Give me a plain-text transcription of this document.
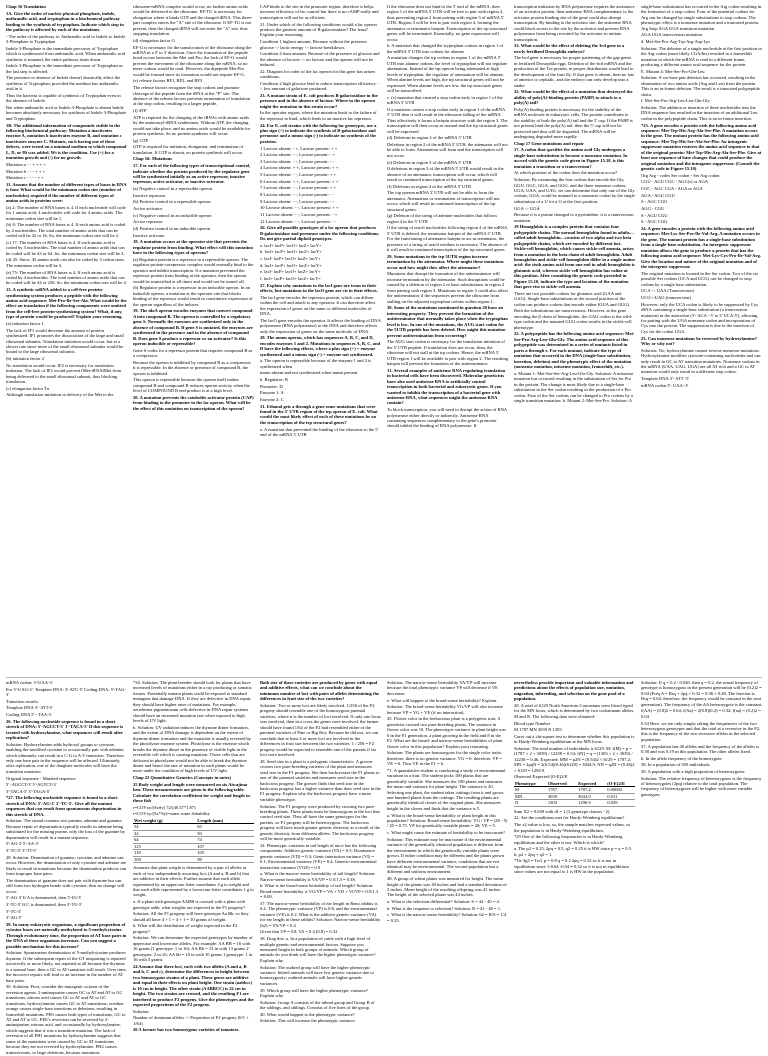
Chap 16 Translation

1A. Give the order of nucleic physical phosphate, indole, anthranilic acid, and tryptophan in a biochemical pathway leading to the synthesis of tryptophan. Indicate which step in the pathway is affected by each of the mutations.

- The order of the pathway is: Anthranilic acid to Indole to Indole 3-Phosphate to Tryptophan

Indole 3-Phosphate is the immediate precursor of Tryptophan which is synthesized from anthranilic acid. When anthranilic acid synthesis is mutated, the entire pathway shuts down.

Indole 3-Phosphate is the immediate precursor of Tryptophan as the last step is affected.

The presence or absence of Indole doesn't drastically affect the synthesis of Tryptophan, provided the medium has anthranilic acid in it.

Thus the bacteria is capable of synthesis of Tryptophan even in the absence of Indole.

But when anthranilic acid or Indole 3-Phosphate is absent Indole becomes absolutely necessary for synthesis of Indole 3-Phosphate and Tryptophan.

1B. The additional information of compounds visible in the following biochemical pathway: Mutation a inactivates enzyme A, mutation b inactivates enzyme B, and mutation c inactivates enzyme C. Mutants, each having one of these defects, were tested on a minimal medium to which compound L, D, or Hi was added. Wt is the condition. Use (+) for a mutation growth and (-) for no growth.

Mutation a - - + + + +

Mutation b - - - + + +

Mutation c - - - - + +

11. Assume that the number of different types of bases in RNA is four. What would be the minimum codon size (number of nucleotides) required if the number of different types of amino acids in proteins were:

(a) 2: The number of RNA bases is 4. If each nucleotide will code for 1 amino acid, 4 nucleotides will code for 4 amino acids. The minimum codon size will be 1.

(b) 8: The number of RNA bases is 4. If each amino acid is coded by 2 nucleotides. The total number of amino acids that can be coded will be 42 or 16. So, the minimum codon size will be 2.

(c) 17: The number of RNA bases is 4. If each amino acid is coded by 3 nucleotides. The total number of amino acids that can be coded will be 43 or 64. So, the minimum codon size will be 3.

(d) 45: Since, 45 amino acids can also be coded by 3 codon sizes. The minimum codon will be 3.

(e) 75: The number of RNA bases is 4. If each amino acid is coded by 4 nucleotides. The total number of amino acids that can be coded will be 44 or 256. So, the minimum codon size will be 4.

13. A synthetic mRNA added to a cell-free protein-synthesizing system produces a peptide with the following amino acid sequence: Met-Pro-Ile-Ser-Ala. What would be the effect on translation if the following components were omitted from the cell-free protein-synthesizing system? What, if any, type of protein would be produced? Explain your reasoning.

(a) initiation factor 1

The lack of IF1 would decrease the amount of protein synthesized. IF1 promotes the dissociation of the large and small ribosomal subunits. Translation initiation would occur, but at a slower rate since more of the small ribosomal subunits would be bound to the large ribosomal subunits.

(b) initiation factor 2

No translation would occur. IF2 is necessary for translation initiation. The lack of IF2 would prevent fMet-tRNAfMet from being delivered to the small ribosomal subunit, thus blocking translation.

(c) elongation factor Tu

Although translation initiation or delivery of the Met to the

ribosome-mRNA complex would occur, no further amino acids would be delivered to the ribosome. EF-TU is necessary for elongation where it binds GTP and the charged tRNA. This three-part complex enters the "A" site of the ribosome. If EF-TU is not present, then the charged tRNA will not enter the "A" site, thus stopping translation.

(d) elongation factor G

EF-G is necessary for the translocation of the ribosome along the mRNA in a 5' to 3' direction. Once the formation of the peptide bond occurs between the Met and Pro, the lack of EF-G would prevent the movement of the ribosome along the mRNA, so no more codons would be read. However, the dipeptide Met-Pro would be formed since its formation would not require EF-G.

(e) release factors RF1, RF2, and RF3

The release factors recognize the stop codons and promote cleavage of the peptide from the tRNA at the "P" site. The absence of the release factors prevents termination of translation at the stop codon, resulting in a larger peptide.

(f) ATP

ATP is required for the charging of the tRNAs with amino acids by the aminoacyl-tRNA synthetases. Without ATP, the charging would not take place, and no amino acids would be available for protein synthesis. So no protein synthesis will occur.

(g) GTP

GTP is required for initiation, elongation, and termination of translation. If GTP is absent, no protein synthesis will occur.

Chap 16: Mutations

17. For each of the following types of transcriptional control, indicate whether the protein produced by the regulator gene will be synthesized initially as an active repressor, inactive repressor, active activator, or inactive activator.

(a) Negative control in a repressible operon

Inactive repressor

(b) Positive control in a repressible operon

Active activator

(c) Negative control in an inducible operon

Active repressor

(d) Positive control in an inducible operon

Inactive activator

18. A mutation occurs at the operator site that prevents the regulator protein from binding. What effect will this mutation have in the following types of operons?

(a) Regulator protein is a repressor in a repressible operon. The regulator protein-corepressor complex would normally bind to the operator and inhibit transcription. If a mutation prevented the repressor protein from binding at the operator, then the operon would be transcribed at all times and would not be turned off.

(b) Regulator protein is a repressor in an inducible operon. In an inducible operon, a mutation at the operator site that blocks binding of the repressor would result in constitutive expression of the operon regardless of the inducer.

19. The idoA operon encodes enzymes that convert compound A into compound B. The operon is controlled by a regulatory gene S. Normally the enzymes are synthesized only in the absence of compound B. If gene S is mutated, the enzymes are synthesized in the presence and in the absence of compound B. Does gene S produce a repressor or an activator? Is this operon inducible or repressible?

Gene S codes for a repressor protein that requires compound B as a corepressor.

Because the operon is inhibited by compound B as a corepressor, it is repressible. In the absence or presence of compound B, the operon is inhibited.

This operon is repressible because the operon itself makes compound B and compound B reduces operon activity when the level of COMPOUND B end product is at a high level.

20. A mutation prevents the catabolite activator protein (CAP) from binding to the promoter in the lac operon. What will be the effect of this mutation on transcription of the operon?

CAP binds to the site in the promoter region, therefore it helps increase efficiency of lac control but there is no cAMP really and transcription will not be as efficient.

21. Under which of the following conditions would a lac operon produce the greatest amount of B-galactosidase? The least? Explain your reasoning.

Condition 1 highest amount. Because without the presence glucose -> lactic energy -> lactose breakdown.

Condition 4 least amount. Because of the presence of glucose and the absence of lactose -> no lactose and the operon will not be induced.

22. Diagram for order of the lac operon for this gene has arisen conditions.

Condition 2 high glucose lead to reduce transcription efficiency -> low amount of galactose produced.

23. A mutant strain of E. coli produces B-galactosidase in the presence and in the absence of lactose. Where in the operon might the mutation in this strain occur?

In the operator region, where the mutation leads to the failure of the repressor to bind, which leads to an inactive lac repressor.

24. For E. coli strains with the following lac genotypes, use a plus sign (+) to indicate the synthesis of B-galactosidase and permease and a minus sign (-) to indicate no synthesis of the proteins.

1 Lactose absent: - +, Lactose present: + +

2 Lactose absent: - -, Lactose present: - +

3 Lactose absent: - -, Lactose present: - -

4 Lactose absent: + +, Lactose present: + +

5 Lactose absent: - -, Lactose present: + +

6 Lactose absent: + +, Lactose present: + +

7 Lactose absent: - -, Lactose present: + +

8 Lactose absent: - -, Lactose present: - -

9 Lactose absent: - -, Lactose present: - -

10 Lactose absent: - -, Lactose present: + +

11 Lactose absent: - -, Lactose present: - +

12 Lactose absent: - -, Lactose present: - -

26. Give all possible genotypes of a lac operon that produces B-galactosidase and permease under the following conditions. Do not give partial diploid genotypes.

a. lacI+ lacP+ lacO+ lacZ+ lacY+

b. lacI+ lacP+ lacO+ lacZ+ lacY+

c. lacI- lacP+ lacO+ lacZ+ lacY+

d. lacI+ lacP+ lacO+ lacZ+ lacY+

e. lacI- lacP+ lacO+ lacZ+ lacY+

f. lacI+ lacP+ lacO+ lacZ+ lacY+

27. Explain why mutations in the lacI gene are trans in their effects, but mutations in the lacO gene are cis in their effects.

The lacI gene encodes the repressor protein, which can diffuse within the cell and attach to any operator. It can therefore affect the expression of genes on the same or different molecules of DNA.

The lacO gene encodes the operator. It affects the binding of DNA polymerase (RNA polymerase) to the DNA and therefore affects only the expression of genes on the same molecule of DNA.

28. The mmm operon, which has sequences A, B, C, and D, encodes enzymes 1 and 2. Mutations in sequences A, B, C, and D have the following effects, where a plus sign (+) = enzyme synthesized and a minus sign (-) = enzyme not synthesized.

a. The operon is repressible because of the enzyme 1 and 2 is synthesized when

mmm absent and not synthesized when mmm present

b. Regulator: B

Promoter: D

Enzyme 1: A

Enzyme 2: C

31. Ethanol gets a through a gene some mutations that were found in the 5' UTR region of the trp operon of E. coli. What would the most likely effect of each of these mutations be on the transcription of the trp structural genes?

a. A mutation that prevented the binding of the ribosome to the 5' end of the mRNA 5' UTR

If the ribosome does not bind to the 5' end of the mRNA, then region 1 of the mRNA 5' UTR will be free to pair with region 2, thus preventing region 2 from pairing with region 3 of mRNA 5' UTR. Region 3 will be free to pair with region 4, forming the attenuator or terminator hairpin. Transcription of the trp structural genes will be terminated. Essentially, no gene expression will occur.

b. A mutation that changed the tryptophan codons in region 1 of the mRNA 5' UTR into codons for alanine

A mutation changes the trp codons in region 1 of the mRNA 5' UTR into alanine codons, the level of tryptophan will not regulate attenuation. Instead of the trp operon being attenuated at high levels of tryptophan, the regulator of attenuation will be alanine. When alanine levels are high, the trp structural genes will not be expressed. When alanine levels are low, the trp structural genes will be transcribed.

c. (c) mutation that created a stop codon early in region 1 of the mRNA 5' UTR

If a mutation creates a stop codon early in region 1 of the mRNA 5' UTR then it will result in the ribosome falling of the mRNA. Thus effectively it forms a hairpin structure with the region 3. The transcription will then occur as normal and the trp structural genes will be expressed.

(d) Deletions in region 2 of the mRNA 5' UTR

Deletions in region 2 of the mRNA 5' UTR: the attenuator will not be able to form. Attenuation will form and the transcription will not occur.

(e) Deletions in region 3 of the mRNA 5' UTR

If deletions in region 3 of the mRNA 5' UTR would result in the absence of an attenuator, transcription will occur, which will result in continued transcription of the trp structural genes.

(f) Deletions in region 4 of the mRNA 5' UTR

The top operon mRNA 5' UTR will not be able to form the attenuator. Attenuation or termination of transcription will not occur, which will result in continued transcription of the trp structural genes.

(g) Deletion of the string of adenine nucleotides that follows region 4 in the 5' UTR

If the string of uracil nucleotides following region 4 of the mRNA 5' UTR is deleted, the terminator hairpin of the mRNA 5' UTR. For the functioning of attenuator hairpin to act as terminator, the presence of a string of uracil residues is necessary. The absence of it will result in continued transcription of the trp structural genes.

29. Some mutations in the trp 5UTR region increase termination by the attenuator. Where might these mutations occur and how might they affect the attenuator?

Mutations that disrupt the formation of the antiterminator will increase termination by the attenuator. Such disruptions could be caused by a deletion of region 2 or base substitutions in region 2 from pairing with region 3. Mutations in region 3 could also affect the antiterminator if the sequences prevent the ribosome from stalling on the adjacent tryptophan codons within region 1.

30. Some of the mutations mentioned in question 28 have an interesting property. They prevent the formation of the antiterminator that normally takes place when the tryptophan level is low. In one of the mutations, the AUG start codon for the 5UTR peptide has been deleted. How might this mutation prevent antitermination from occurring?

The AUG start codon is necessary for the translation initiation of the 5' UTR peptide. If translation does not occur, then, the ribosome will not stall at the trp codons. Hence, the mRNA 5' UTR region 1 will be available to pair with region 2. The resulting hairpin will prevent the formation of the antiterminator.

31. Several examples of antisense RNA regulating translation in bacterial cells have been discovered. Molecular geneticists have also used antisense RNA to artificially control transcription in both bacterial and eukaryotic genes. If you wanted to inhibit the transcription of a bacterial gene with antisense RNA, what sequences might the antisense RNA contain?

To block transcription, you will need to disrupt the action of RNA polymerase either directly or indirectly. Antisense RNA containing sequences complementary to the gene's promoter should inhibit the binding of RNA polymerase. If

transcription initiation by RNA polymerase requires the assistance of an activator protein, then antisense RNA complementary to the activator protein binding site of the gene could also disrupt transcription. By binding to the activator site, the antisense RNA could block access to the site by the activator and prevent RNA polymerase from being recruited by the activator to initiate transcription.

33. What would be the effect of deleting the 3rd gene in a newly fertilized Drosophila embryo?

The bcd gene is necessary for proper patterning of the gap genes in fertilized Drosophila eggs. Deletion of the bcd mRNA and the production of the Tra protein, in proper distribution would lead to the development of the fruit fly. If that gene is absent, then no fate of anterior or cephalic, and the embryo can only develop into a snake.

32. What would be the effect of a mutation that destroyed the ability of poly(A)-binding protein (PABP) to attach to a poly(A) tail?

Poly(A) binding protein is necessary for the stability of the mRNA molecule in eukaryotic cells. The protein contributes to the stability of both the poly(A) tail and the 5' cap. If the PABP is not present bind the poly(A) tail, then the 5' cap will not be protected and thus will be degraded. The mRNA will be undergoing degraded more rapidly.

Chap 17 Gene mutations and repair

17. A codon that specifies the amino acid Gly undergoes a single-base substitution to become a nonsense mutation. In accord with the genetic code given in Figure 15.10, is this mutation a transition or a transversion?

At which position of the codon does the mutation occur?

Solution: By examining the four codons that encode the Gly, GGU, GGC, GGA, and GGG, and the three nonsense codons, UGA, UAA, and UAG, we can determine that only one of the Gly codons, GGA, could be mutated to a nonsense codon by the single substitution of a U for a G at the first position.

GGA -> UGA

Because it is a purine changed to a pyrimidine, it is a transversion mutation.

19 Hemoglobin is a complex protein that contains four polypeptide chains. The normal hemoglobin found in adults—called adult hemoglobin—consists of two alpha and two beta polypeptide chains, which are encoded by different loci. Sickle-cell hemoglobin, which causes sickle-cell anemia, arises from a mutation in the beta chain of adult hemoglobin. Adult hemoglobin and sickle-cell hemoglobin differ in a single amino acid: the sixth amino acid from one end in adult hemoglobin is glutamic acid, whereas sickle-cell hemoglobin has valine at this position. After consulting the genetic code provided in Figure 15.10, indicate the type and location of the mutation that gave rise to sickle-cell anemia.

There are two possible codons for glutamic acid (GAA and GAG). Single-base substitutions at the second position of the codon can produce codons that encode valine (GUA and GUG).

Both the substitutions are transversions. However, at the gene encoding the β chain of hemoglobin, the GAG codon is the wild-type codon and the mutated GUG codon results in the sickle-cell phenotype.

22. A polypeptide has the following amino acid sequence: Met-Ser-Pro-Arg-Leu-Glu-Gly. The amino acid sequence of this polypeptide was determined in a series of mutants listed in parts a through e. For each mutant, indicate the type of mutation that occurred in the DNA (single-base substitution, insertion, deletion) and the phenotypic effect of the mutation (nonsense mutation, missense mutation, frameshift, etc.).

a. Mutant 1: Met-Ser-Ser-Arg-Leu-Glu-Gly. Solution: A missense mutation has occurred resulting in the substitution of Ser for Pro in the protein. The change is most likely due to a single-base substitution in the Ser codon resulting in the production of a Pro codon. Four of the Ser codons can be changed to Pro codons by a single transition mutation. b. Mutant 2: Met-Ser-Pro. Solution: A

single-base substitution has occurred in the Arg codon resulting in the formation of a stop codon. Four of the potential codons for Arg can be changed by single substitutions to stop codons. The phenotypic effect is a nonsense mutation and a truncated protein. Arg Stop AGA UGA transition mutation

AGA UGA transversion mutation

d. Met-Ser-Pro-Arg-Trp-Arg-Asp-Lys

Solution: The deletion of a single nucleotide at the first position in the Arg codon (most likely CGA/Ins) resulted in a frameshift mutation in which the mRNA is read in a different frame, producing a different amino acid sequence for the protein.

E. Mutant 4: Met-Ser-Pro-Gln-Leu

Solution: A six-base pair deletion has occurred, resulting in the elimination of two amino acids (Arg and Leu) from the protein. This is an in-frame deletion. The result is a truncated polypeptide chain.

f. Met-Ser-Pro-Arg-Leu-Leu-Glu-Gly

Solution: The addition or insertion of three nucleotides into the DNA sequence has resulted in the insertion of an additional Leu codon in the polypeptide chain. This is an in-frame insertion.

*23. A gene encodes a protein with the following amino acid sequence: Met-Trp-His-Arg-Ala-Ser-Phe. A mutation occurs in the gene. The mutant protein has the following amino acid sequence: Met-Trp-His-Ser-Ala-Ser-Phe. An intragenic suppressor mutation restores the amino acid sequence to that of the original protein: Met-Trp-His-Arg-Ala-Ser-Phe. Give at least one sequence of base changes that could produce the original mutation and the intragenic suppressor. (Consult the genetic code in Figure 15.10)

Org Arg - codes Ser codon - Ser Arg codon

CGU - AGU CGC - AGC(s) or AGA

CGC - AGC CGA - AGA or AGA

AGA - AGU CGU

S - AGC CGG

AGG - CGU

S - AGU CGU

S - AGC CGG

24. A gene encodes a protein with the following amino acid sequence: Met-Lys-Ser-Pro-Ile-Val-Arg. A mutation occurs in the gene. The mutant protein has a single-base substitution from a single-base substitution. An intergenic suppressor mutation allows the gene to produce a protein that has the following amino acid sequence: Met-Lys-Cys-Pro-Ile-Val-Arg. Give the location and nature of the original mutation and of the intergenic suppressor.

The original mutation is located in the Ser codon. Two of the six possible Ser codons (UCA and UCG) can be changed to stop codons by a single base substitution.

UCA -> UAA (Transversion)

UCG->UAG (transversion)

However, only the UCA codon is likely to be suppressed by Cys tRNA containing a single-base substitution (a transversion mutation) in the anticodon (3'- ACA - 5' to 3' UCA-5'), allowing for pairing with the UGA nonsense codon and incorporation of Cys into the protein. The suppression is due to the insertion of Cys for the codon UGA.

25. Can nonsense mutations be reversed by hydroxylamine? Why or why not?

Solution: No, hydroxylamine cannot reverse nonsense mutations. Hydroxylamine modifies cytosine-containing nucleotides and can only result in GC to AT transition mutations. Nonsense codons in the mRNA (UAA, UAG, UGA) are all AT rich and a GC to AT mutation would only result in a different stop codon.

Template DNA 3'- ATT -5'

mRNA codon 5'- UAA -3'

mRNA codon: 5'-UAA-3'

For 5'-UAG-3': Template DNA: 3'-ATC-5' Coding DNA: 5'-TAG-3'

Transition results:

Template DNA 3'- ATT-5'

Coding DNA 5' - TAA-3'

26. The following nucleotide sequence is found in a short stretch of DNA: 5'-AGCCT-3' 3'-TACA-5' If this sequence is treated with hydroxylamine, what sequences will result after replication?

Solution: Hydroxylamine adds hydroxyl groups to cytosine, enabling the modified cytosine to occasionally pair with adenine, which ultimately can result in a C-G to A-T transition. Therefore, only one base pair in the sequence will be affected. Ultimately, after replication, one of the daughter molecules will have the transition mutation.

Original sequence - Mutated sequence

5' -AGCCT-3' 5'-AGTCT-3'

3'-TACA-5' 3'-TAGA-5'

*27. The following nucleotide sequence is found in a short stretch of DNA: 5'-AG-3' 3'-TC-5'. Give all the mutant sequences that can result from spontaneous depurination in this stretch of DNA.

Solution: The strand contains two purines, adenine and guanine. Because repair of depurination typically results in adenine being substituted for the missing purine, only the loss of the guanine by depurination will result in a mutant sequence.

5'-AG-3' 5'-AA-3'

3'-TC-5' 3'-TT-5'

28. Solution: Deamination of guanine, cytosine, and adenine can occur. However, the deamination of only cytosine and adenine are likely to result in mutations because the deamination products can form improper base pairs.

The deamination of guanine does not pair with thymine but can still form two hydrogen bonds with cytosine, thus no change will occur.

5'-AG-3' If A is deaminated, then 5'-IG-3'

3'-TC-5' If C is deaminated, then 3'-TU-5'

5'-TC-3'

3'-AG-5'

29. In many eukaryotic organisms, a significant proportion of cytosine bases are naturally methylated to 5-methylcytosine. Through evolutionary time, the proportion of AT base pairs in the DNA of these organisms increases. Can you suggest a possible mechanism for this increase?

Solution: Spontaneous deamination of 5-methylcytosine produces thymine. If the subsequent repair of the GT mispairing is repaired incorrectly or more likely, not repaired at all because the thymine is a normal base, then a GC to AT transition will result. Over time, the incorrect repairs will lead to an increase in the number of AT base pairs.

30. Solution: First, consider the mutagenic actions of the reversion agents: 2-aminopurine causes GC to AT and AT to GC transitions; nitrous acid causes GC to AT and AT to GC transitions; hydroxylamine causes GC to AT transitions; acridine orange causes single-base insertions or deletions, resulting in frameshift mutations. PH1 causes both types of transitions, GC to AT and AT to GC. PH1's reversion can be reversed by 2-aminopurine, nitrous acid, and occasionally by hydroxylamine, which suggests that it was a transition mutation. The lack of reversion of all PH1 mutations by hydroxylamine suggests that some of the mutations were caused by GC to AT transitions because they are not reverted by hydroxylamine. PH2 causes transversions, or large deletions, because mutations

*34. Solution: The plant breeder should look for plants that have increased levels of mutations either in a ray producing or somatic tissues. Potentially mutant plants could be exposed to standard mutagens that damage DNA. If they are defective in DNA repair, they should have higher rates of mutations. For example, xeroderma pigmentosum cells defective in DNA repair systems should have an increased mutation rate when exposed to high levels of UV light.

b. Solution: UV radiation induces the thymine dimer formation, and the extent of DNA damage is dependent on the extent of thymine dimer formation and the mutation is usually reversed by the photolyase enzyme system. Photolyase is the enzyme which breaks the thymine dimer in the presence of visible light in the reversible cell which is causing mutation. Those cells that are deficient in photolyase would not be able to break the thymine dimer and hence the rate of mutation in such plants would be more under the condition of high levels of UV light.

Chap 22 Quantitative Genetics (Concepts in notes)

25 Body weight and length were measured on six Aiwajima hen. These measurements are given in the following table. Calculate the correlation coefficient for weight and length in these fish

r=COVxy/(SxSy) 72/(40.37*1.87)

r=COVxy/(Sx*Sy)=some some fishability

Wet weight (g)	Length (mm)
54	65
32	50
64	74
125	107
118	105
100	98

Assumes that plant weight is determined by a pair of alleles at each of two independently assorting loci (A and a, B and b) that are additive in their effects. Further assume that each allele represented by an uppercase letter contributes 4 g to weight and that each allele represented by a lowercase letter contributes 1 g to weight.

a. If a plant with genotype AABB is crossed with a plant with genotype aabb, what weights are expected in the F1 progeny?

Solution: All the F1 progeny will have genotype Aa Bb, so they should all have 4 + 1 + 4 + 1 = 10 grams of weight.

b. What will the distribution of weight expected in the F2 progeny?

Solution: We can determine the expected genotypes by number of uppercase and lowercase alleles. For example: AA BB = 16 with 16 grams (1 genotype: 1 in 16); AA Bb = 13 in with 13 grams 2 genotypes: 2 in 16; AA bb = 10 in with 10 grams 1 genotype: 1 in 16 with 3 grams

24 Assume that three loci, each with two alleles (A and a, B and b, C and c), determine the differences in height between two homozygous strains of a plant. These genes are additive and equal in their effects on plant height. One strain (aabbcc) is 10 cm in height. The other strain (AABBCC) is 22 cm in height. The two strains are crossed, and the resulting F1 are interbred to produce F2 progeny. Give the phenotypes and the expected proportions of the F2 progeny.

Solution:

Number of dominant alleles -> Proportion of F2 progeny (6/1 + 1/64)

26 A farmer has two homozygous varieties of tomatoes.

Both size of these varieties are produced by genes with equal and additive effects, what can we conclude about the minimum number of loci with pairs of alleles determining the differences in fruit size of the two varieties?

Solution: Two or more loci are likely involved. 1/256 of the F2 progeny should resemble one of the homozygous parental varieties, where n is the number of loci involved. If only one locus was involved, then in a cross the genes were involved, the farmer should have found 1/64 of the F2 had resembled either of the parental varieties of Pine or Big Boy. Because he did not, we can conclude that at least 4 or more loci are involved in the differences in fruit size between the two varieties. 1 / 256 = F2 progeny would be expected to resemble one of the parents if six loci were involved.

28. Seed size in a plant is a polygenic characteristic. A grower crosses two pure-breeding varieties of the plant and measures seed size in the F1 progeny. She then backcrosses the F1 plants to one of the parental varieties and measures seed size in the backcross progeny. The grower finds that seed size in the backcross progeny has a higher variance than does seed size in the F1 progeny. Explain why the backcross progeny have a more variable phenotype.

Solution: The F1 progeny were produced by crossing two pure-breeding plants. These plants must be homozygous at the loci that control seed size. They all have the same genotypes for the parents, so F1 progeny will be heterozygous. The backcross progeny will have much greater genetic diversity as a result of the genetic diversity from different alleles. The backcross progeny will be more genetically variable.

34. Phenotypic variation in tail length of mice has the following components: Additive genetic variance (VA) = 0.5; Dominance genetic variance (VD) = 0.3; Genic interaction variance (VI) = 0.1; Environmental variance (VE) = 0.4; Genetic-environmental interaction variance (VGE) = 0.0

a. What is the narrow-sense heritability of tail length? Solution: Narrow-sense heritability is VA/VP = 0.5/1.3 = 0.38.

b. What is the broad-sense heritability of tail length? Solution: Broad-sense heritability is VG/VP = VA + VD + VI/VP = 0.9/1.3 = 0.69.

37. The narrow-sense heritability of ear length in Reno rabbits is 0.4. The phenotypic variance (VP) is 0.8, and the environmental variance (VE) is 0.2. What is the additive genetic variance (VA) for ear length in these rabbits? Solution: Narrow-sense heritability (h2) = VA/VP = 0.4

Given that VP = 0.8, VA = 0.4 (0.8) = 0.32

38. Drag this: a. In a population of cattle with a high level of multiple genetic and environmental factors. Suppose you measured height in both groups of animals. Which group of animals do you think will have the higher phenotypic variance? Explain why.

Solution: The outbred group will have the higher phenotypic variance. Inbred animals will have low genetic variance due to homozygosity; outbred animals will have higher genetic variances.

39. Which group will have the higher phenotypic variance? Explain why.

Solution: Group A consists of the inbred group and Group B of the siblings, and siblings. Consists of five lines of the group.

40. What would happen to the phenotypic variance?

Solution: This will increase the phenotypic variance.

Solution: The narrow-sense heritability VA/VP will increase because the total phenotypic variance VP will decrease if VE decreases.

e. What will happen to the broad-sense heritability? Explain.

Solution: The broad-sense heritability VG/VP will also increase because VP = VG + VE (if no interaction).

45. Flower color in the herbaceous plant is a polygenic trait. A geneticist crossed two pure-breeding plants. The variance in flower color was 10. The phenotypic variance in plant height was 6 in the F1 generation, a plant growing in the field and 8 in the F2. What are the broad- and narrow-sense heritabilities of plant flower color in this population? Explain your reasoning.

Solution: The plants are homozygous for the single color traits; therefore, there is no genetic variance; VG = 0; therefore, VP = VE = 6. Thus VE in the F1 = 6.

*1. A quantitative student is conducting a study of environmental variation in a trait. The student picks 100 plants that are genetically variable. She measures the 100 plants and measures the mean and variance for plant height. The variance is 20. Selecting one plant, the student takes cuttings from it and grows one hundred plants from the cuttings. The resulting plants are genetically identical clones of the original plant. She measures height in the clones and finds that the variance is 5.

a. What is the broad-sense heritability of plant height in this population? Solution: Broad-sense heritability: VG / VP = (20 - 5) / 20 = 0.75. VP for genetically variable plants = 20; VE = 5.

c. What might cause the estimate of heritability to be inaccurate?

Solution: This estimate may be inaccurate if the environmental variance of the genetically identical population is different from the environment in which the genetically variable plants were grown. If either condition may be different and the plants grown have different environmental variance, conditions that are not identical may be environmental. The second population has a different and uniform environment.

48. A group of wheat plants was measured for height. The mean height of the plants was 40 inches and had a standard deviation of 3 inches. Mean height of the resulting offspring was 41 inches. The height of the selected plants was 44 inches.

a. What is the selection differential? Solution: S = 44 - 40 = 4.

b. What is the response to selection? Solution: R = 41 - 40 = 1.

c. What is the narrow-sense heritability? Solution: h2 = R/S = 1/4 = 0.25.

nevertheless provide important and valuable information and predictions about the effects of population size, mutation, migration, inbreeding, and selection on the gene pool of a population.

20. A total of 6129 North American Caucasians were blood typed for the MN locus, which is determined by two codominant alleles, M and N. The following data were obtained:

Blood type Number

M 1787 MN 3039 N 1303

Carry out a chi-square test to determine whether this population is in Hardy-Weinberg equilibrium at the MN locus.

Solution: The total number of individuals is 6129. M: f(M) = p = (1787 × 2 + 3039) / 12258 = 0.54; f(N) = q = (1303 × 2 + 3039) / 12258 = 0.46. Expected: MM = p2N = (0.54)2 × 6129 = 1787.2; MN = 2pqN = 2(0.54)(0.46)(6129) = 3044.9; NN = q2N = (0.46)2 × 6129 = 1296.9.

Observed Expected (O-E)2/E

Phenotype	Observed	Expected	(O-E)2/E
M	1787	1787.2	0.00002
MN	3039	3044.9	0.011
N	1303	1296.9	0.029

Sum X2 = 0.049 with df = 1 (3 genotype classes - 2)

22. Are the conditions met for Hardy-Weinberg equilibrium?

The x2 value is low, so, the sample matches expected values, so the population is in Hardy-Weinberg equilibrium.

*29 One of the following frequencies is in Hardy-Weinberg equilibrium and the other is not. Which is which?

a. The p2 = 0.25, 2pq = 0.5, q2 = 0.25 it is HW since p = q = 0.5. b. p2 + 2pq + q2 = 1.

*Tn-3g3 = Tn3. p = 0.8 q = 0.2 2pq = 0.32 so it is not in equilibrium since 1-0.64 -0.04 ≠ 0.32 so it is not in equilibrium since values are not equal to 1 is HW in the population.

Solution: If q = 0.2 - 0.040, then q = 0.2, the actual frequency of genotype is homozygous in the present generation will be (0.2)2 = 0.04 (Freq A = Bsq + 2pq + 0.32 = 0.36 + 0.48, The fraction is Bsq = 0.64, therefore, the frequency would be constant in the next generation). The frequency of the AA heterozygote is the constant.

f(AA) = (0.8)2 = 0.64; f(Aa) = 2(0.8)(0.2) = 0.32; f(aa) = (0.2)2 = 0.04

0.54 Here, we are only simply taking the frequencies of the two heterozygous genotypes and that the total at a recessive in the F2, this is the frequency of the two recessive alleles in the selected population.

37. A population has 40 alleles and the frequency of the alleles is 0.38 and was 0.19 in this population. The other alleles fixed.

b. In the allele frequency of the homozygote.

38. In a population of 500 individuals.

39. A population with a high proportion of heterozygotes.

Solution: The relative frequency of heterozygotes is the frequency of heterozygotes (2pq) relative to the total population. The frequency of heterozygotes will be higher with more variable genotypes.
